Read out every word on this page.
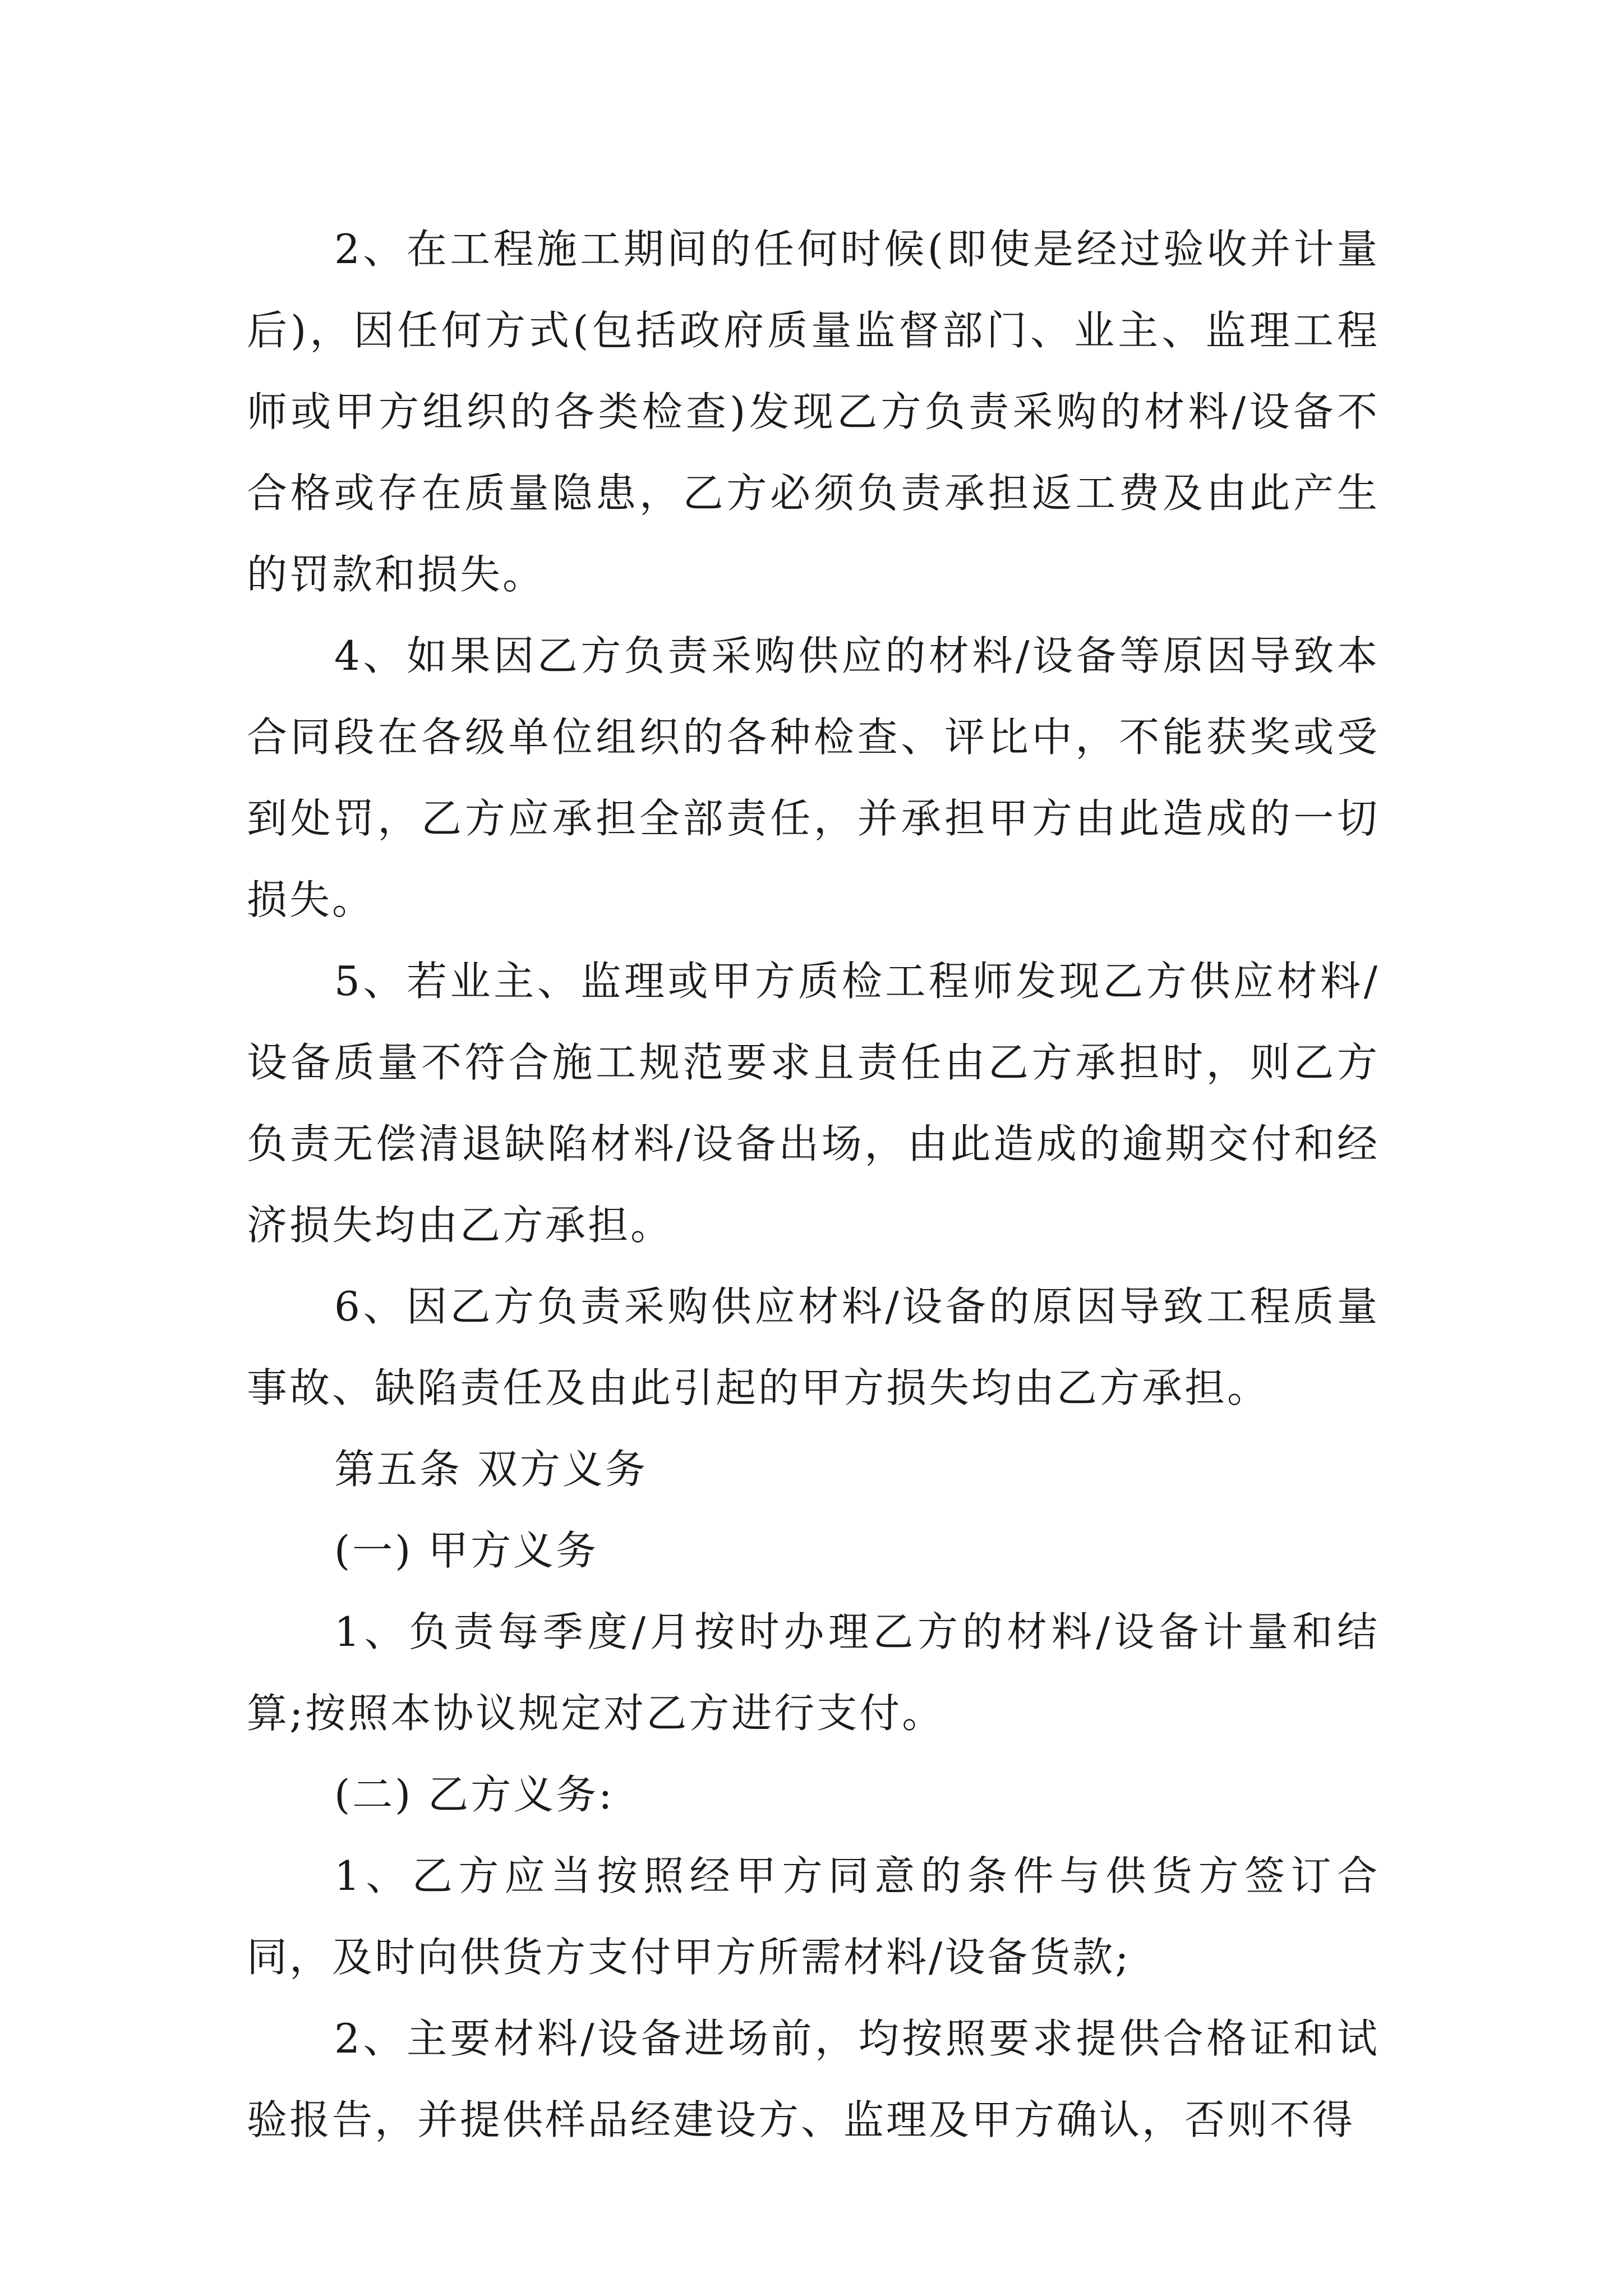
2、在工程施工期间的任何时候(即使是经过验收并计量后)，因任何方式(包括政府质量监督部门、业主、监理工程师或甲方组织的各类检查)发现乙方负责采购的材料/设备不合格或存在质量隐患，乙方必须负责承担返工费及由此产生的罚款和损失。

4、如果因乙方负责采购供应的材料/设备等原因导致本合同段在各级单位组织的各种检查、评比中，不能获奖或受到处罚，乙方应承担全部责任，并承担甲方由此造成的一切损失。

5、若业主、监理或甲方质检工程师发现乙方供应材料/设备质量不符合施工规范要求且责任由乙方承担时，则乙方负责无偿清退缺陷材料/设备出场，由此造成的逾期交付和经济损失均由乙方承担。

6、因乙方负责采购供应材料/设备的原因导致工程质量事故、缺陷责任及由此引起的甲方损失均由乙方承担。

第五条 双方义务

(一) 甲方义务

1、负责每季度/月按时办理乙方的材料/设备计量和结算;按照本协议规定对乙方进行支付。

(二) 乙方义务:

1、乙方应当按照经甲方同意的条件与供货方签订合同，及时向供货方支付甲方所需材料/设备货款;

2、主要材料/设备进场前，均按照要求提供合格证和试验报告，并提供样品经建设方、监理及甲方确认，否则不得
